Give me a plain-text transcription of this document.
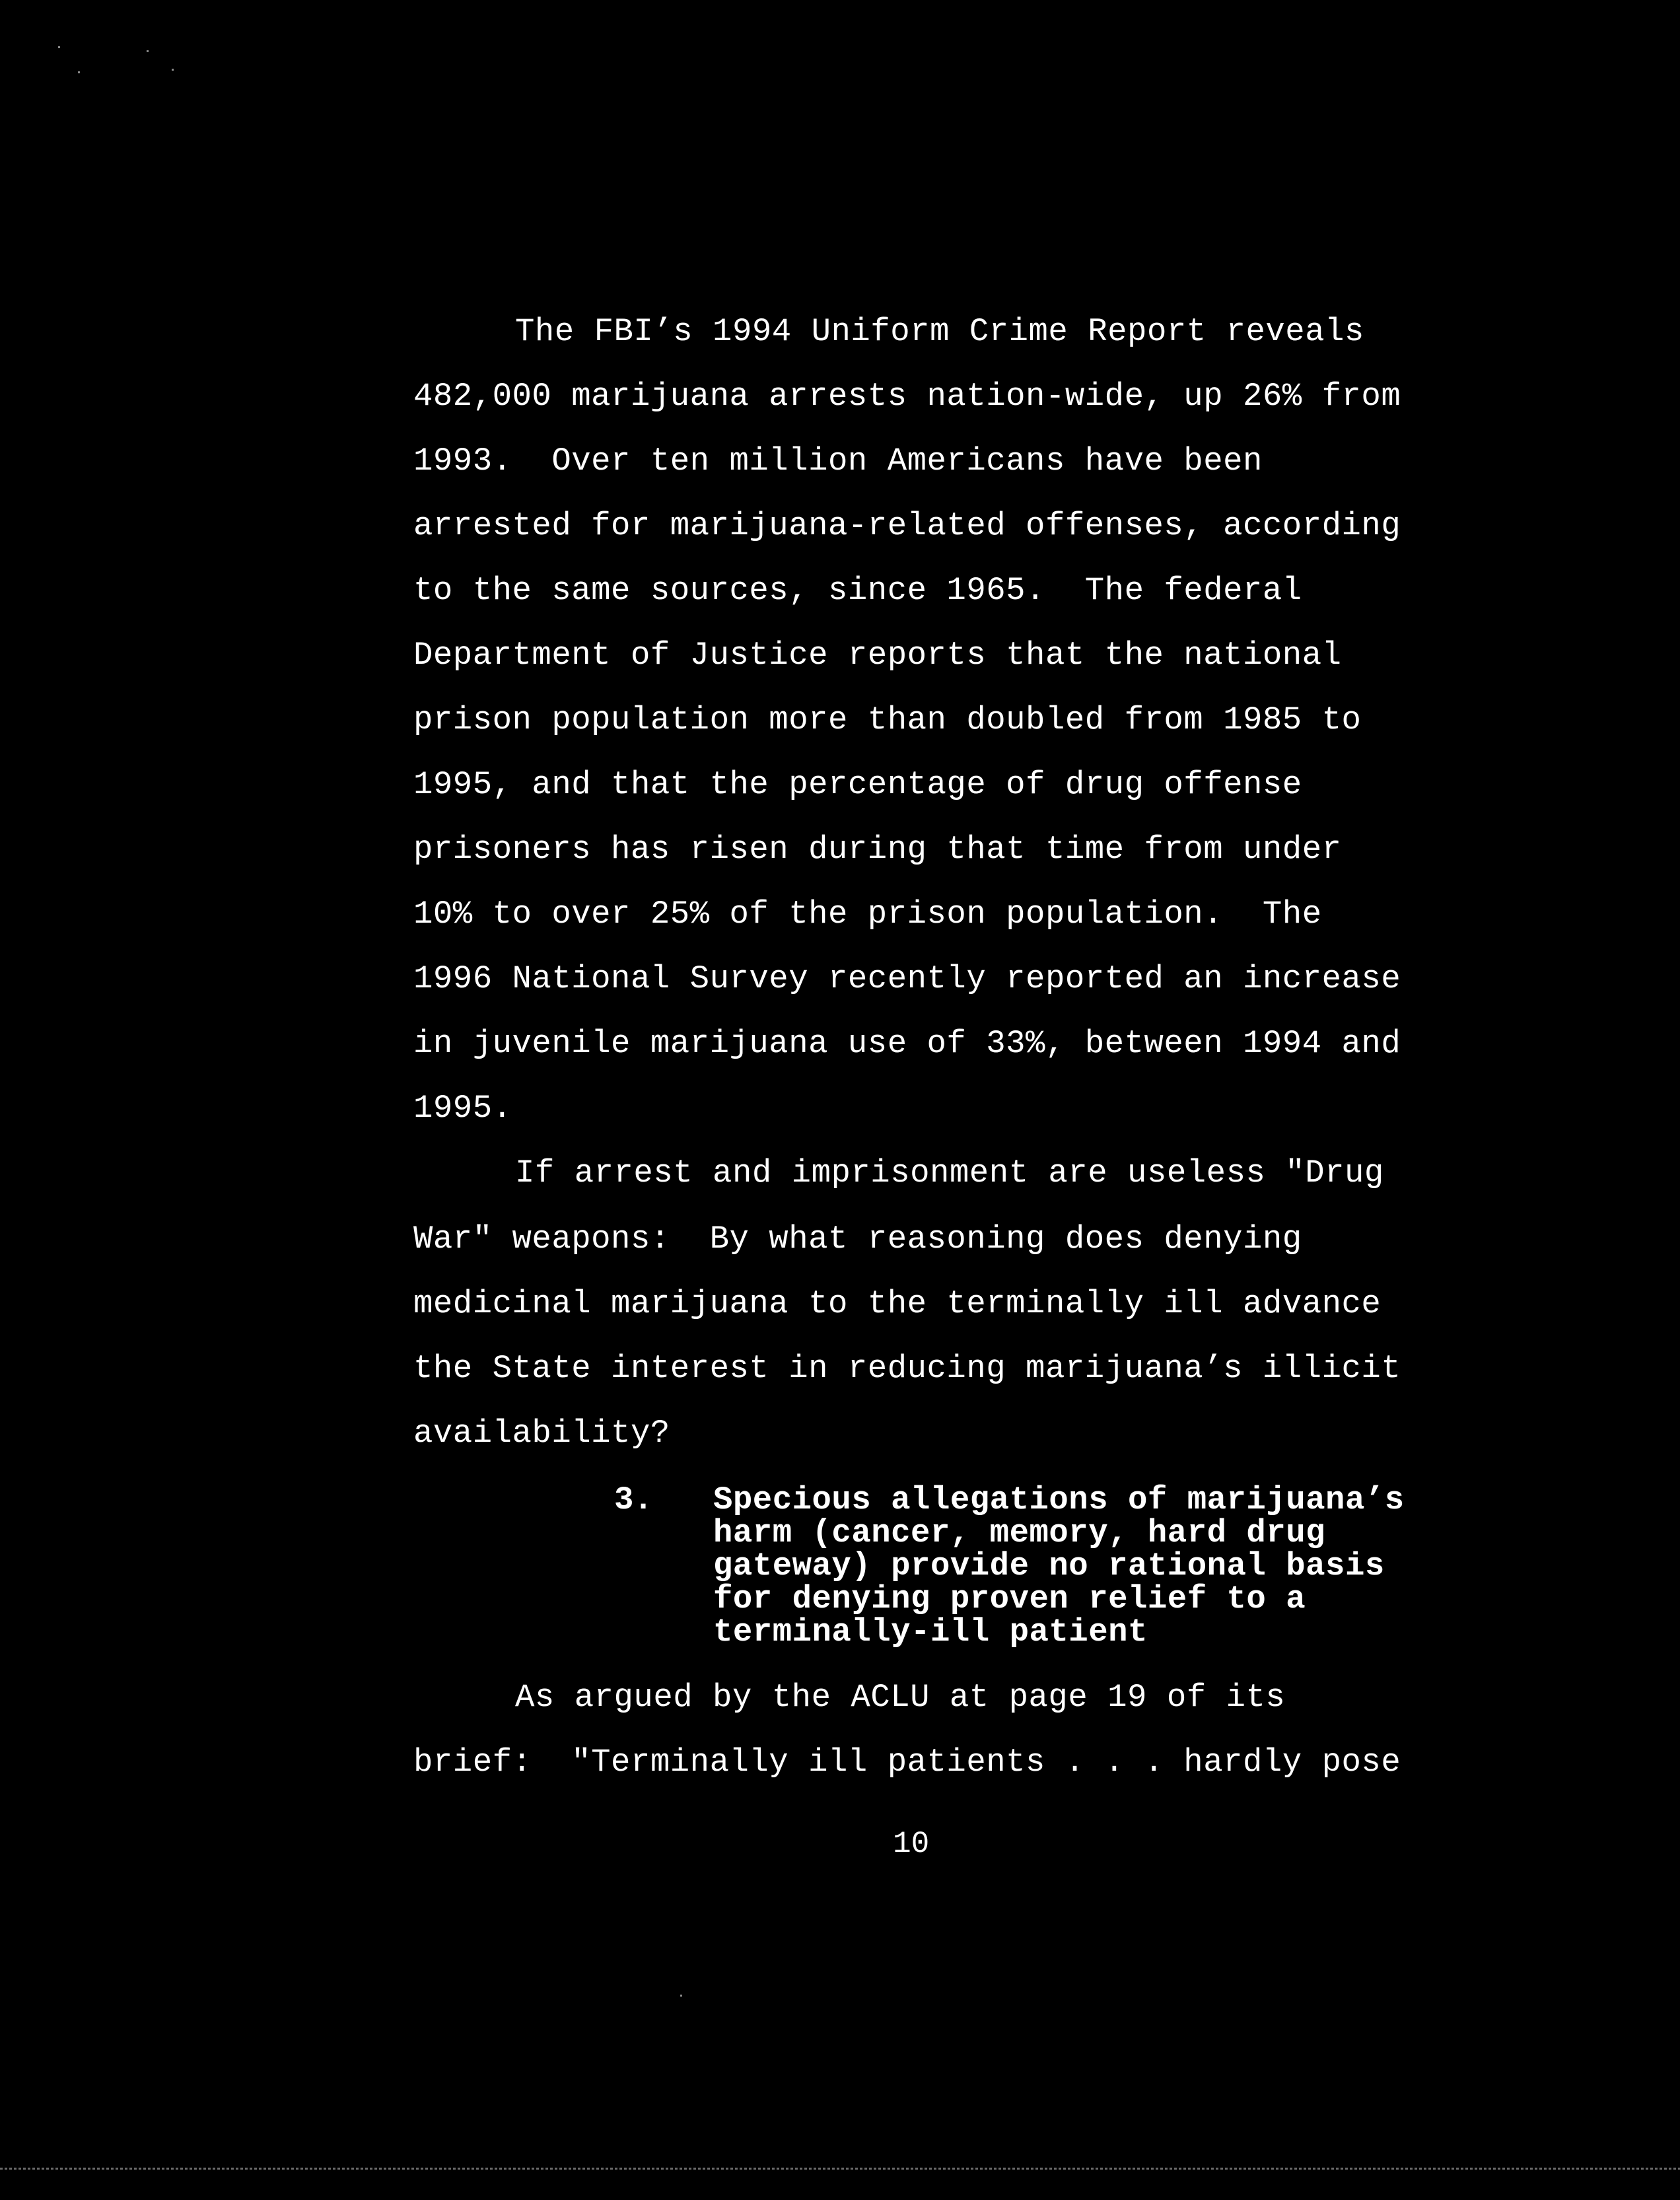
The FBI’s 1994 Uniform Crime Report reveals
482,000 marijuana arrests nation-wide, up 26% from
1993.  Over ten million Americans have been
arrested for marijuana-related offenses, according
to the same sources, since 1965.  The federal
Department of Justice reports that the national
prison population more than doubled from 1985 to
1995, and that the percentage of drug offense
prisoners has risen during that time from under
10% to over 25% of the prison population.  The
1996 National Survey recently reported an increase
in juvenile marijuana use of 33%, between 1994 and
1995.
If arrest and imprisonment are useless "Drug
War" weapons:  By what reasoning does denying
medicinal marijuana to the terminally ill advance
the State interest in reducing marijuana’s illicit
availability?
3. Specious allegations of marijuana’s
harm (cancer, memory, hard drug
gateway) provide no rational basis
for denying proven relief to a
terminally-ill patient
As argued by the ACLU at page 19 of its
brief:  "Terminally ill patients . . . hardly pose
10
